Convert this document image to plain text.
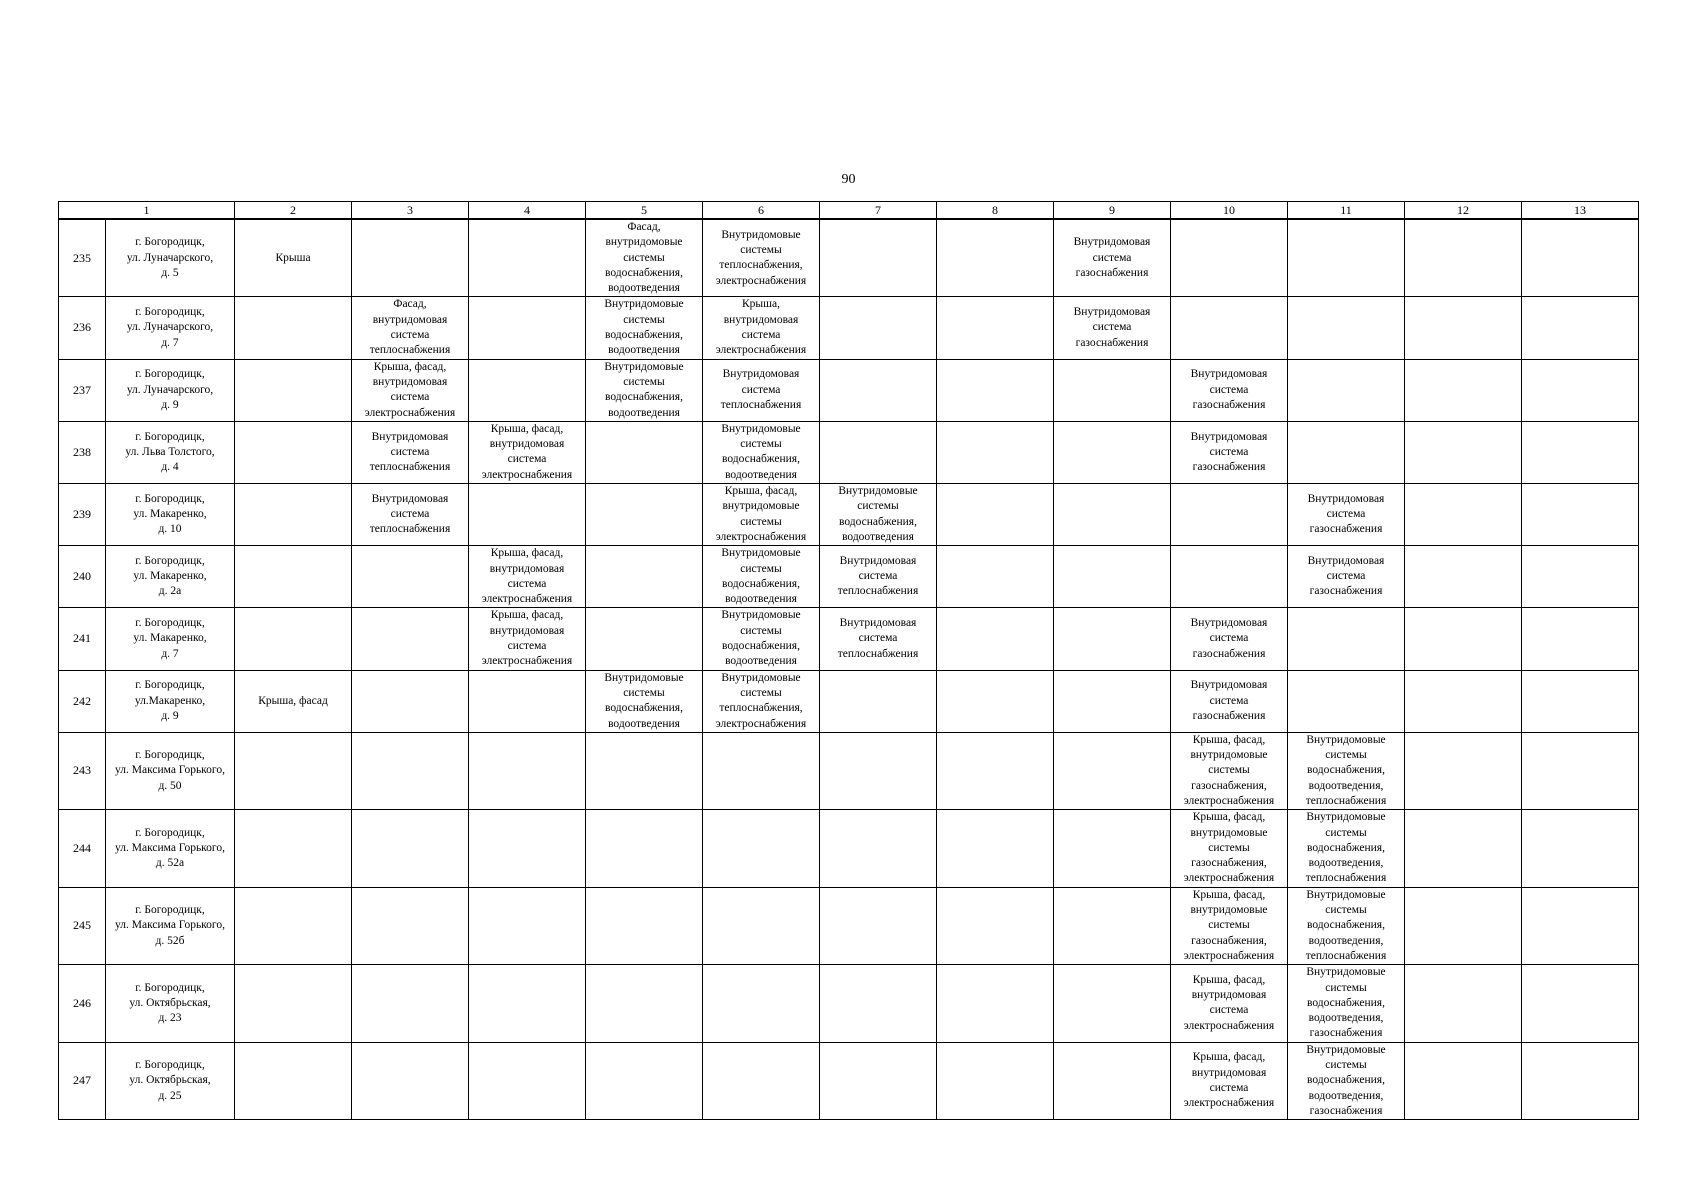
90
1		2	3	4	5	6	7	8	9	10	11	12	13

235	г. Богородицк,
ул. Луначарского,
д. 5	Крыша			Фасад,
внутридомовые
системы
водоснабжения,
водоотведения	Внутридомовые
системы
теплоснабжения,
электроснабжения			Внутридомовая
система
газоснабжения				

236	г. Богородицк,
ул. Луначарского,
д. 7		Фасад,
внутридомовая
система
теплоснабжения		Внутридомовые
системы
водоснабжения,
водоотведения	Крыша,
внутридомовая
система
электроснабжения			Внутридомовая
система
газоснабжения				

237	г. Богородицк,
ул. Луначарского,
д. 9		Крыша, фасад,
внутридомовая
система
электроснабжения		Внутридомовые
системы
водоснабжения,
водоотведения	Внутридомовая
система
теплоснабжения				Внутридомовая
система
газоснабжения			

238	г. Богородицк,
ул. Льва Толстого,
д. 4		Внутридомовая
система
теплоснабжения	Крыша, фасад,
внутридомовая
система
электроснабжения		Внутридомовые
системы
водоснабжения,
водоотведения				Внутридомовая
система
газоснабжения			

239	г. Богородицк,
ул. Макаренко,
д. 10		Внутридомовая
система
теплоснабжения			Крыша, фасад,
внутридомовые
системы
электроснабжения	Внутридомовые
системы
водоснабжения,
водоотведения				Внутридомовая
система
газоснабжения		

240	г. Богородицк,
ул. Макаренко,
д. 2а			Крыша, фасад,
внутридомовая
система
электроснабжения		Внутридомовые
системы
водоснабжения,
водоотведения	Внутридомовая
система
теплоснабжения				Внутридомовая
система
газоснабжения		

241	г. Богородицк,
ул. Макаренко,
д. 7			Крыша, фасад,
внутридомовая
система
электроснабжения		Внутридомовые
системы
водоснабжения,
водоотведения	Внутридомовая
система
теплоснабжения			Внутридомовая
система
газоснабжения			

242	г. Богородицк,
ул.Макаренко,
д. 9	Крыша, фасад			Внутридомовые
системы
водоснабжения,
водоотведения	Внутридомовые
системы
теплоснабжения,
электроснабжения				Внутридомовая
система
газоснабжения			

243	г. Богородицк,
ул. Максима Горького,
д. 50									Крыша, фасад,
внутридомовые
системы
газоснабжения,
электроснабжения	Внутридомовые
системы
водоснабжения,
водоотведения,
теплоснабжения		

244	г. Богородицк,
ул. Максима Горького,
д. 52а									Крыша, фасад,
внутридомовые
системы
газоснабжения,
электроснабжения	Внутридомовые
системы
водоснабжения,
водоотведения,
теплоснабжения		

245	г. Богородицк,
ул. Максима Горького,
д. 52б									Крыша, фасад,
внутридомовые
системы
газоснабжения,
электроснабжения	Внутридомовые
системы
водоснабжения,
водоотведения,
теплоснабжения		

246	г. Богородицк,
ул. Октябрьская,
д. 23									Крыша, фасад,
внутридомовая
система
электроснабжения	Внутридомовые
системы
водоснабжения,
водоотведения,
газоснабжения		

247	г. Богородицк,
ул. Октябрьская,
д. 25									Крыша, фасад,
внутридомовая
система
электроснабжения	Внутридомовые
системы
водоснабжения,
водоотведения,
газоснабжения		
